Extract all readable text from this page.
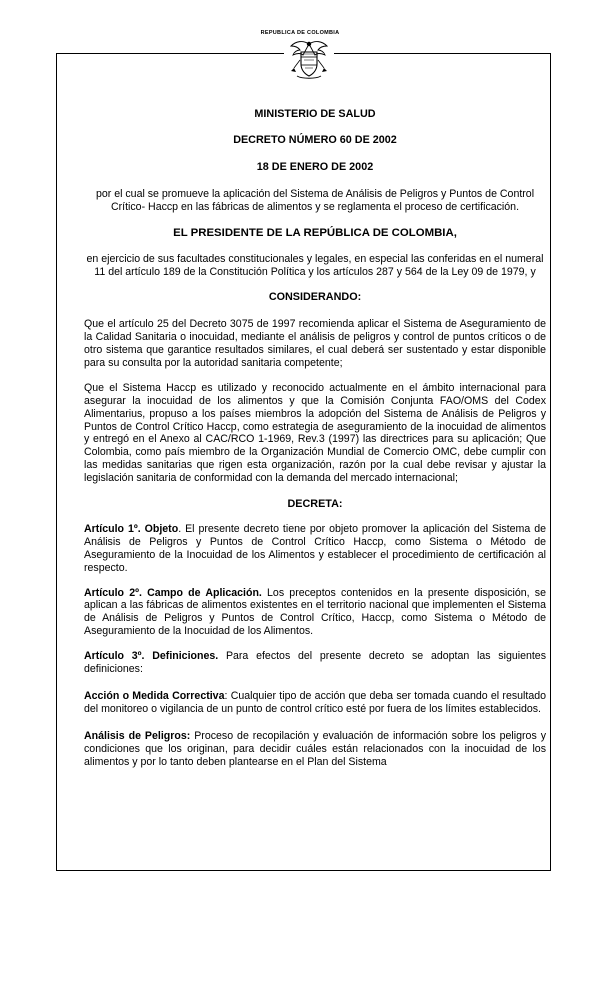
REPUBLICA DE COLOMBIA
MINISTERIO DE SALUD
DECRETO NÚMERO 60 DE 2002
18 DE ENERO DE 2002
por el cual se promueve la aplicación del Sistema de Análisis de Peligros y Puntos de Control Crítico- Haccp en las fábricas de alimentos y se reglamenta el proceso de certificación.
EL PRESIDENTE DE LA REPÚBLICA DE COLOMBIA,
en ejercicio de sus facultades constitucionales y legales, en especial las conferidas en el numeral 11 del artículo 189 de la Constitución Política y los artículos 287 y 564 de la Ley 09 de 1979, y
CONSIDERANDO:
Que el artículo 25 del Decreto 3075 de 1997 recomienda aplicar el Sistema de Aseguramiento de la Calidad Sanitaria o inocuidad, mediante el análisis de peligros y control de puntos críticos o de otro sistema que garantice resultados similares, el cual deberá ser sustentado y estar disponible para su consulta por la autoridad sanitaria competente;
Que el Sistema Haccp es utilizado y reconocido actualmente en el ámbito internacional para asegurar la inocuidad de los alimentos y que la Comisión Conjunta FAO/OMS del Codex Alimentarius, propuso a los países miembros la adopción del Sistema de Análisis de Peligros y Puntos de Control Crítico Haccp, como estrategia de aseguramiento de la inocuidad de alimentos y entregó en el Anexo al CAC/RCO 1-1969, Rev.3 (1997) las directrices para su aplicación; Que Colombia, como país miembro de la Organización Mundial de Comercio OMC, debe cumplir con las medidas sanitarias que rigen esta organización, razón por la cual debe revisar y ajustar la legislación sanitaria de conformidad con la demanda del mercado internacional;
DECRETA:
Artículo 1º. Objeto. El presente decreto tiene por objeto promover la aplicación del Sistema de Análisis de Peligros y Puntos de Control Crítico Haccp, como Sistema o Método de Aseguramiento de la Inocuidad de los Alimentos y establecer el procedimiento de certificación al respecto.
Artículo 2º. Campo de Aplicación. Los preceptos contenidos en la presente disposición, se aplican a las fábricas de alimentos existentes en el territorio nacional que implementen el Sistema de Análisis de Peligros y Puntos de Control Crítico, Haccp, como Sistema o Método de Aseguramiento de la Inocuidad de los Alimentos.
Artículo 3º. Definiciones. Para efectos del presente decreto se adoptan las siguientes definiciones:
Acción o Medida Correctiva: Cualquier tipo de acción que deba ser tomada cuando el resultado del monitoreo o vigilancia de un punto de control crítico esté por fuera de los límites establecidos.
Análisis de Peligros: Proceso de recopilación y evaluación de información sobre los peligros y condiciones que los originan, para decidir cuáles están relacionados con la inocuidad de los alimentos y por lo tanto deben plantearse en el Plan del Sistema
